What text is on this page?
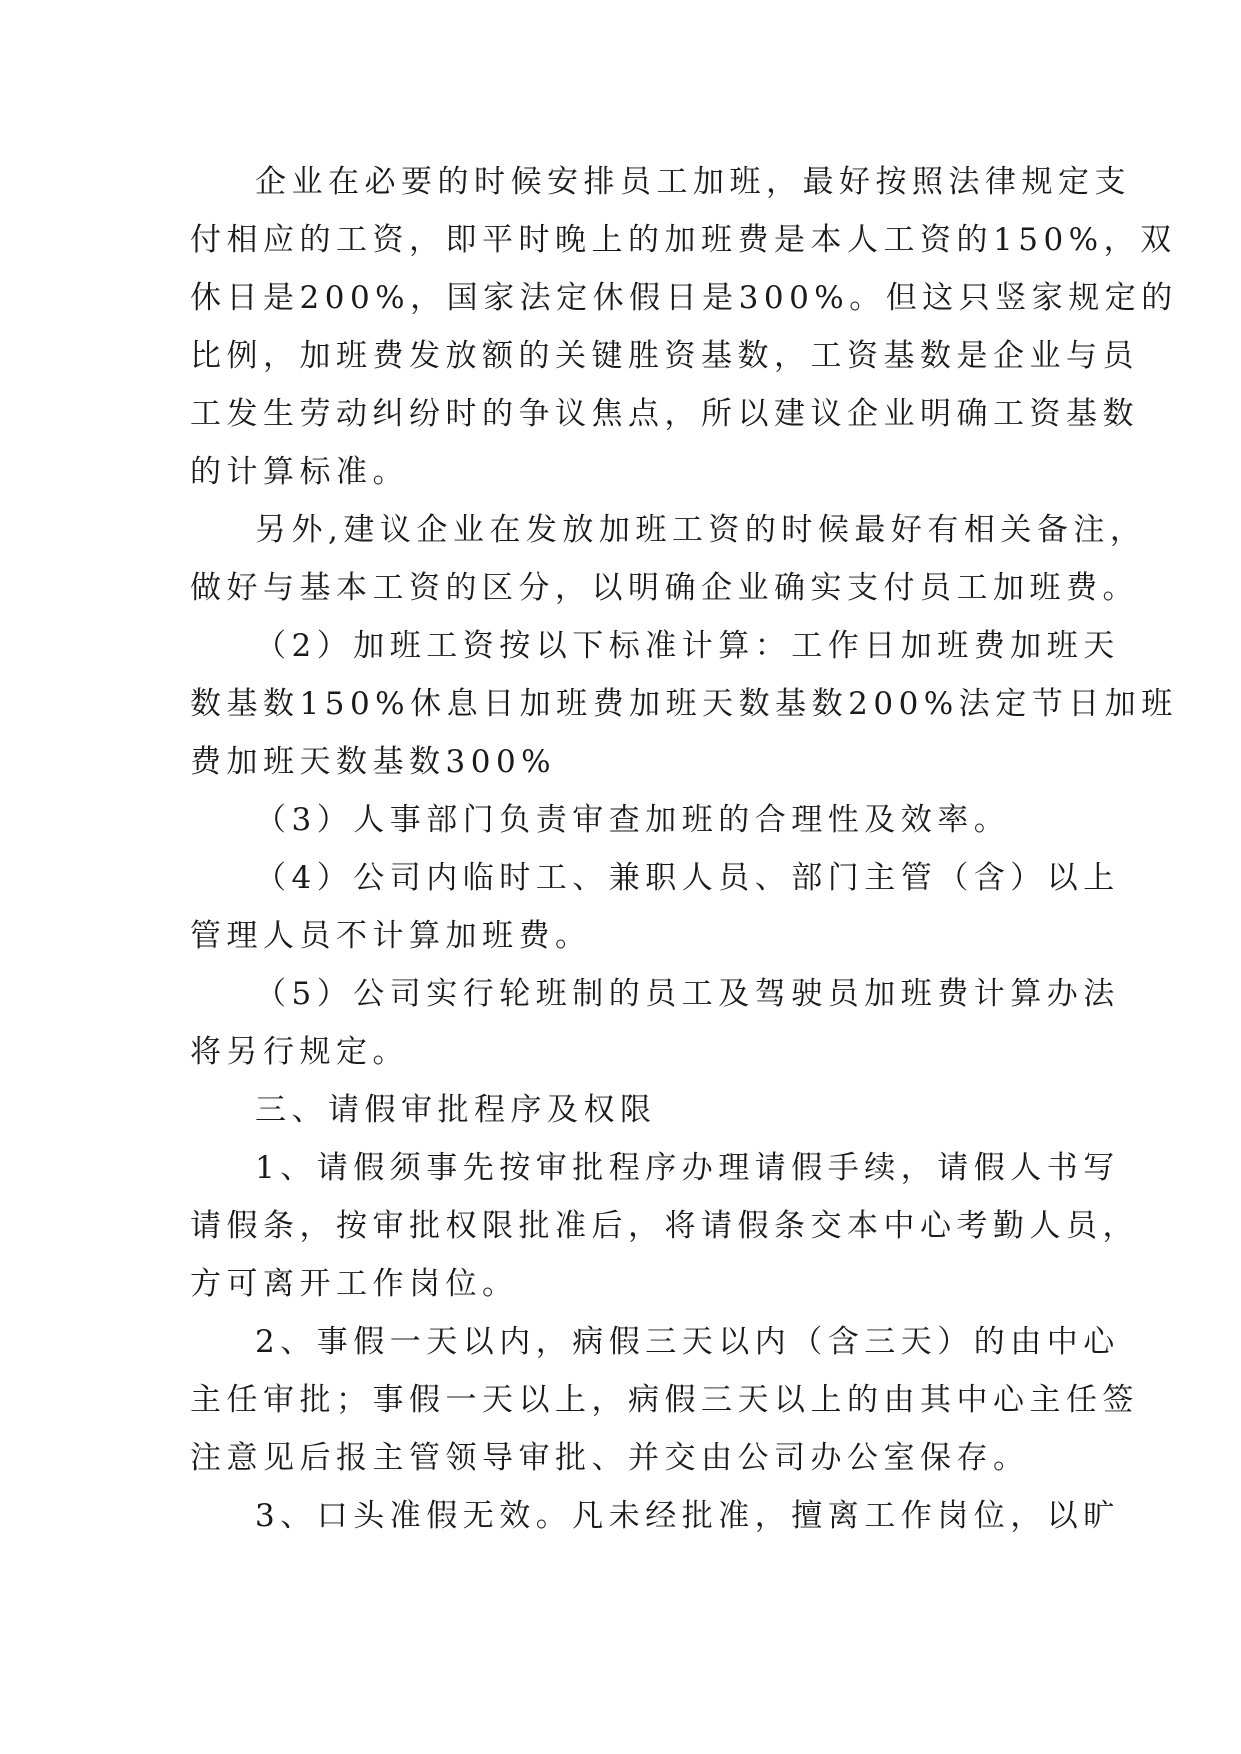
企业在必要的时候安排员工加班，最好按照法律规定支
付相应的工资，即平时晚上的加班费是本人工资的150%，双
休日是200%，国家法定休假日是300%。但这只竖家规定的
比例，加班费发放额的关键胜资基数，工资基数是企业与员
工发生劳动纠纷时的争议焦点，所以建议企业明确工资基数
的计算标准。
另外,建议企业在发放加班工资的时候最好有相关备注，
做好与基本工资的区分，以明确企业确实支付员工加班费。
（2）加班工资按以下标准计算：工作日加班费加班天
数基数150%休息日加班费加班天数基数200%法定节日加班
费加班天数基数300%
（3）人事部门负责审查加班的合理性及效率。
（4）公司内临时工、兼职人员、部门主管（含）以上
管理人员不计算加班费。
（5）公司实行轮班制的员工及驾驶员加班费计算办法
将另行规定。
三、请假审批程序及权限
1、请假须事先按审批程序办理请假手续，请假人书写
请假条，按审批权限批准后，将请假条交本中心考勤人员，
方可离开工作岗位。
2、事假一天以内，病假三天以内（含三天）的由中心
主任审批；事假一天以上，病假三天以上的由其中心主任签
注意见后报主管领导审批、并交由公司办公室保存。
3、口头准假无效。凡未经批准，擅离工作岗位，以旷
